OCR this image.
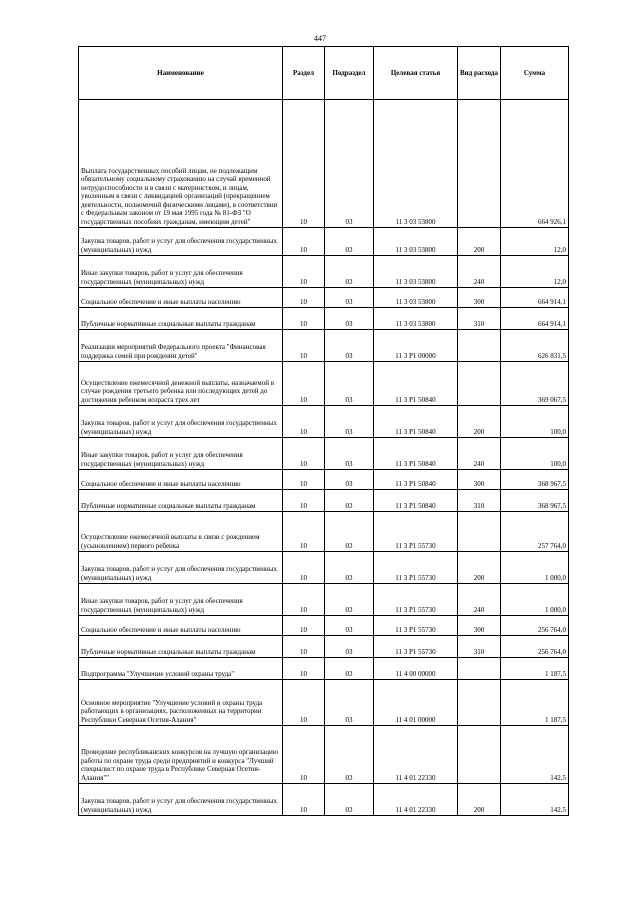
447
Наименование	Раздел	Подраздел	Целевая статья	Вид расхода	Сумма
Выплата государственных пособий лицам, не подлежащим обязательному социальному страхованию на случай временной нетрудоспособности и в связи с материнством, и лицам, уволенным в связи с ликвидацией организаций (прекращением деятельности, полномочий физическими лицами), в соответствии с Федеральным законом от 19 мая 1995 года № 81-ФЗ "О государственных пособиях гражданам, имеющим детей"	10	03	11 3 03 53800		664 926,1
Закупка товаров, работ и услуг для обеспечения государственных (муниципальных) нужд	10	03	11 3 03 53800	200	12,0
Иные закупки товаров, работ и услуг для обеспечения государственных (муниципальных) нужд	10	03	11 3 03 53800	240	12,0
Социальное обеспечение и иные выплаты населению	10	03	11 3 03 53800	300	664 914,1
Публичные нормативные социальные выплаты гражданам	10	03	11 3 03 53800	310	664 914,1
Реализация мероприятий Федерального проекта "Финансовая поддержка семей при рождении детей"	10	03	11 3 P1 00000		626 831,5
Осуществление ежемесячной денежной выплаты, назначаемой в случае рождения третьего ребенка или последующих детей до достижения ребенком возраста трех лет	10	03	11 3 P1 50840		369 067,5
Закупка товаров, работ и услуг для обеспечения государственных (муниципальных) нужд	10	03	11 3 P1 50840	200	100,0
Иные закупки товаров, работ и услуг для обеспечения государственных (муниципальных) нужд	10	03	11 3 P1 50840	240	100,0
Социальное обеспечение и иные выплаты населению	10	03	11 3 P1 50840	300	368 967,5
Публичные нормативные социальные выплаты гражданам	10	03	11 3 P1 50840	310	368 967,5
Осуществление ежемесячной выплаты в связи с рождением (усыновлением) первого ребенка	10	03	11 3 P1 55730		257 764,0
Закупка товаров, работ и услуг для обеспечения государственных (муниципальных) нужд	10	03	11 3 P1 55730	200	1 000,0
Иные закупки товаров, работ и услуг для обеспечения государственных (муниципальных) нужд	10	03	11 3 P1 55730	240	1 000,0
Социальное обеспечение и иные выплаты населению	10	03	11 3 P1 55730	300	256 764,0
Публичные нормативные социальные выплаты гражданам	10	03	11 3 P1 55730	310	256 764,0
Подпрограмма "Улучшение условий охраны труда"	10	03	11 4 00 00000		1 187,5
Основное мероприятие "Улучшение условий и охраны труда работающих в организациях, расположенных на территории Республики Северная Осетия-Алания"	10	03	11 4 01 00000		1 187,5
Проведение республиканских конкурсов на лучшую организацию работы по охране труда среди предприятий и конкурса "Лучший специалист по охране труда в Республике Северная Осетия-Алания""	10	03	11 4 01 22330		142,5
Закупка товаров, работ и услуг для обеспечения государственных (муниципальных) нужд	10	03	11 4 01 22330	200	142,5
